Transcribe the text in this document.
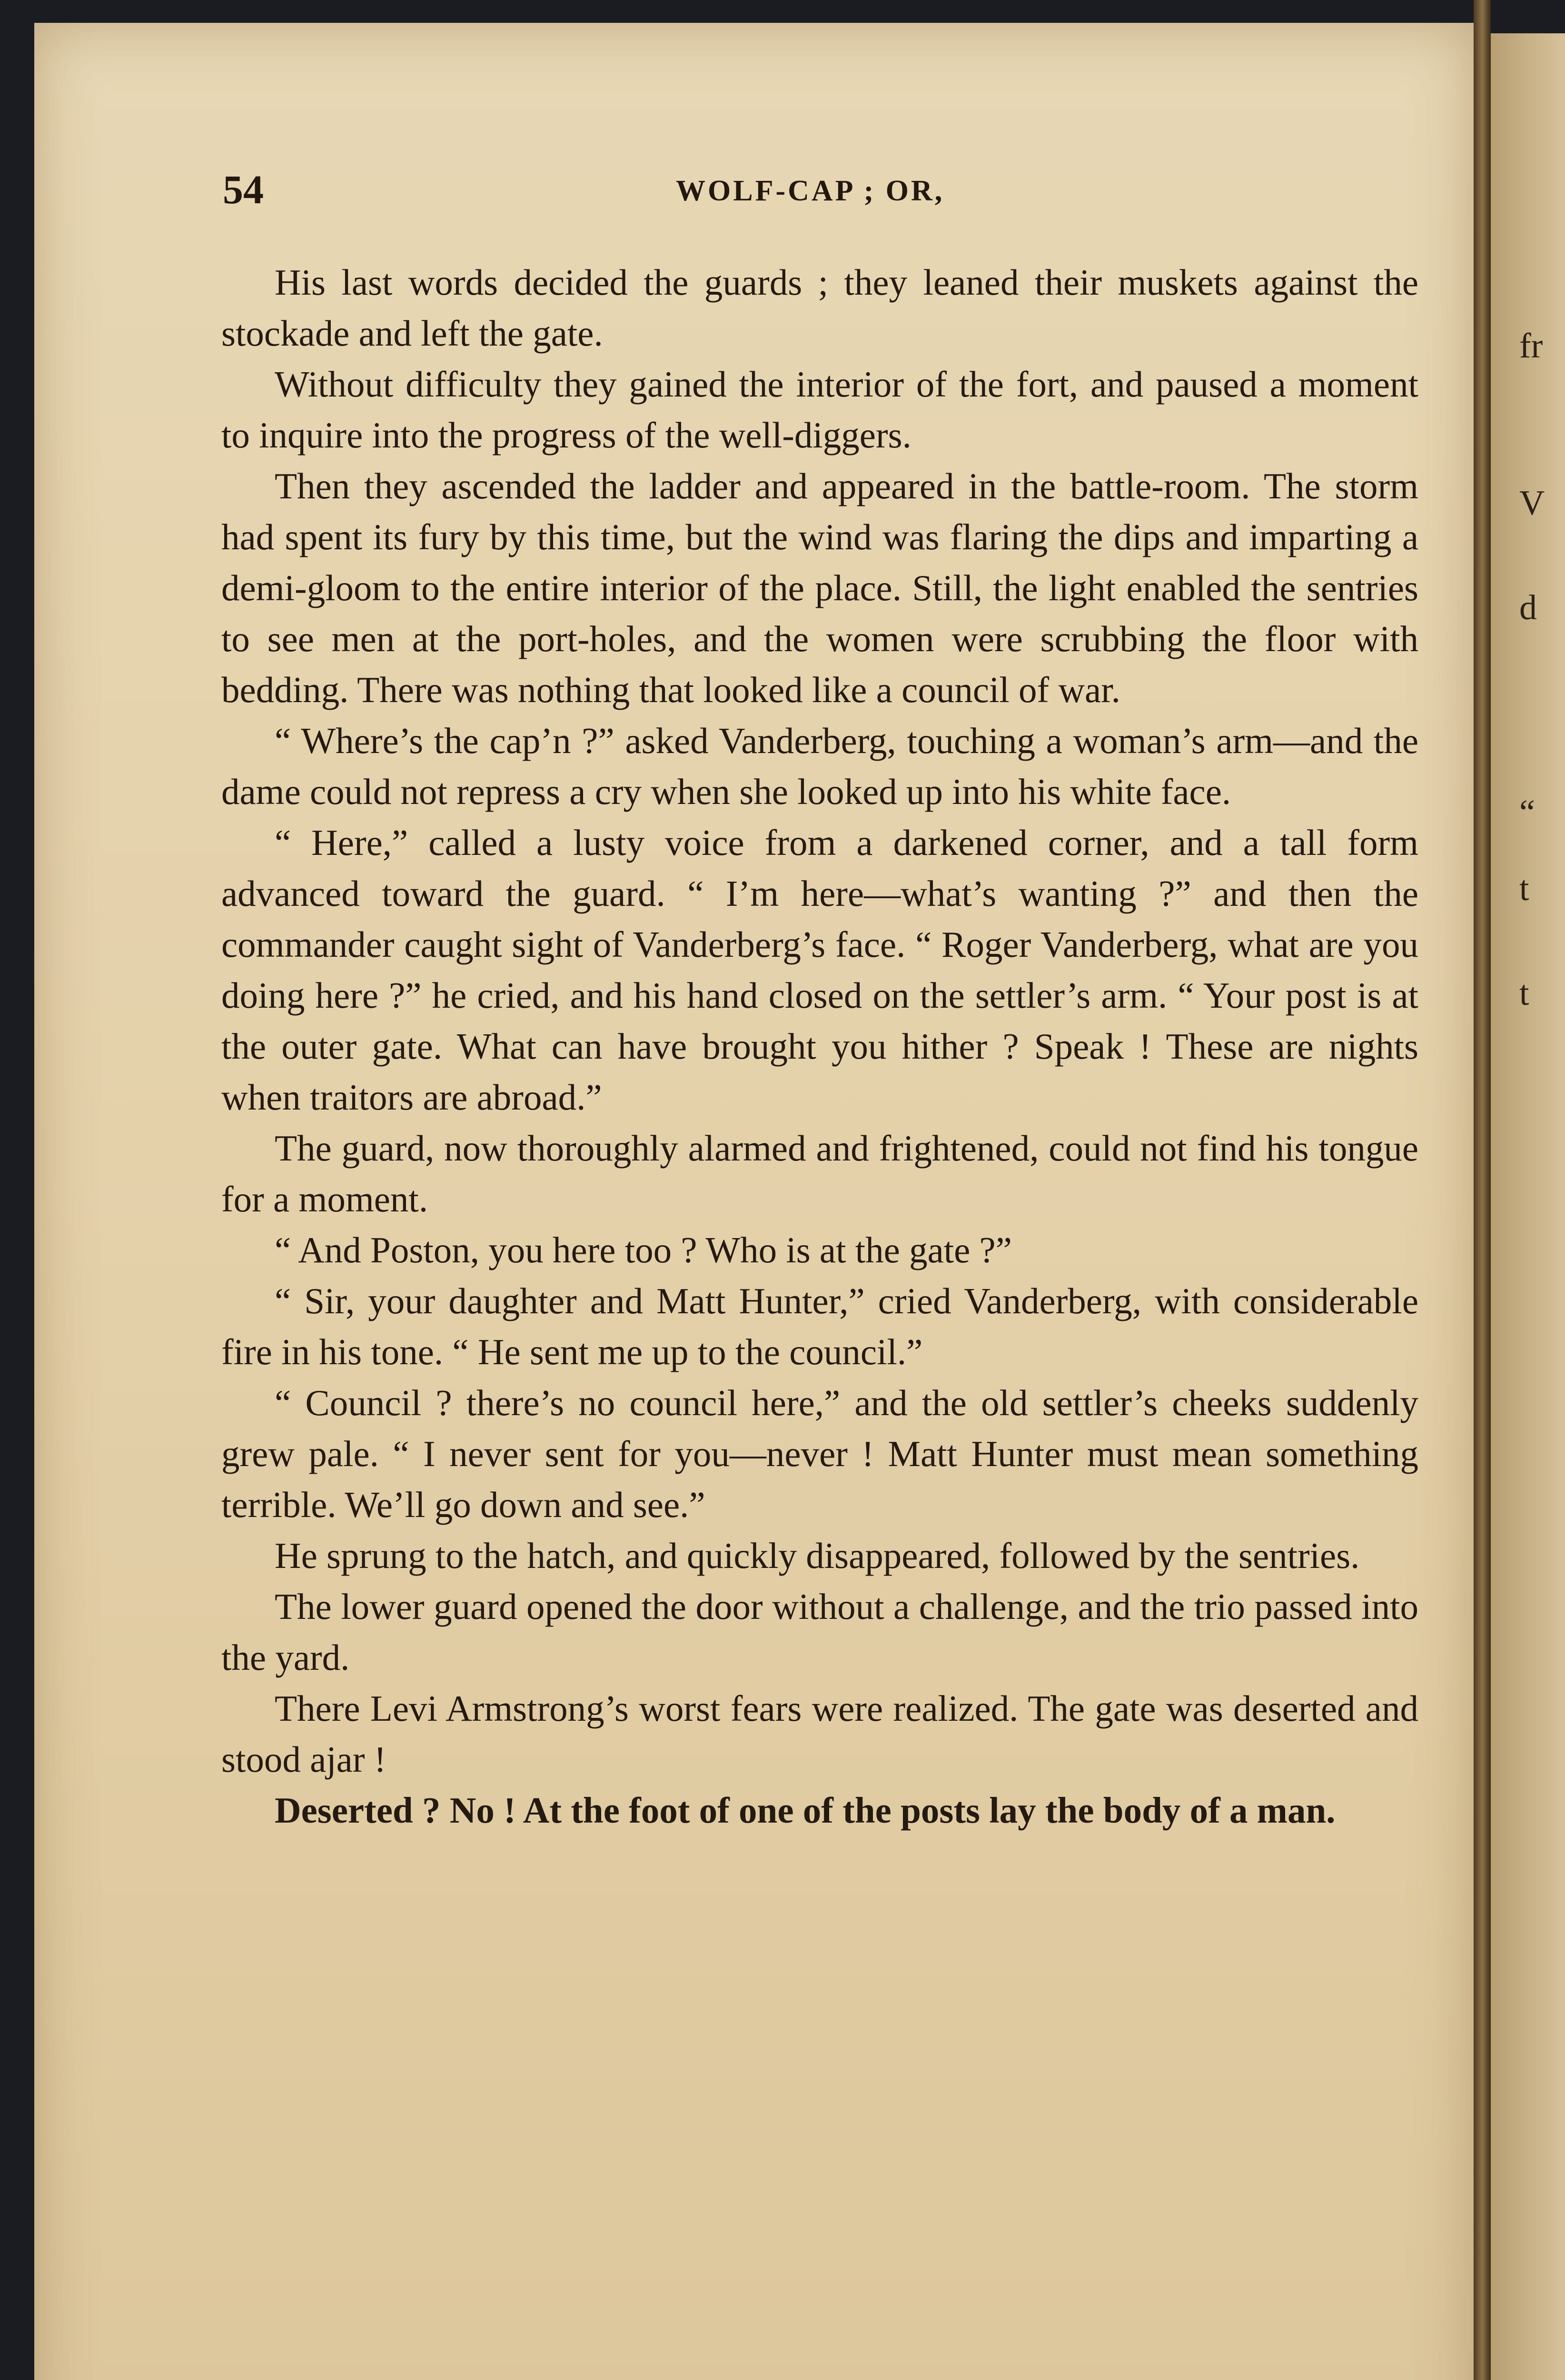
fr
V
d
“
t
t
54	WOLF-CAP ; OR,

His last words decided the guards ; they leaned their muskets against the stockade and left the gate.

Without difficulty they gained the interior of the fort, and paused a moment to inquire into the progress of the well-diggers.

Then they ascended the ladder and appeared in the battle-room. The storm had spent its fury by this time, but the wind was flaring the dips and imparting a demi-gloom to the entire interior of the place. Still, the light enabled the sentries to see men at the port-holes, and the women were scrubbing the floor with bedding. There was nothing that looked like a council of war.

“ Where’s the cap’n ?” asked Vanderberg, touching a woman’s arm—and the dame could not repress a cry when she looked up into his white face.

“ Here,” called a lusty voice from a darkened corner, and a tall form advanced toward the guard. “ I’m here—what’s wanting ?” and then the commander caught sight of Vanderberg’s face. “ Roger Vanderberg, what are you doing here ?” he cried, and his hand closed on the settler’s arm. “ Your post is at the outer gate. What can have brought you hither ? Speak ! These are nights when traitors are abroad.”

The guard, now thoroughly alarmed and frightened, could not find his tongue for a moment.

“ And Poston, you here too ? Who is at the gate ?”

“ Sir, your daughter and Matt Hunter,” cried Vanderberg, with considerable fire in his tone. “ He sent me up to the council.”

“ Council ? there’s no council here,” and the old settler’s cheeks suddenly grew pale. “ I never sent for you—never ! Matt Hunter must mean something terrible. We’ll go down and see.”

He sprung to the hatch, and quickly disappeared, followed by the sentries.

The lower guard opened the door without a challenge, and the trio passed into the yard.

There Levi Armstrong’s worst fears were realized. The gate was deserted and stood ajar !

Deserted ? No ! At the foot of one of the posts lay the body of a man.
